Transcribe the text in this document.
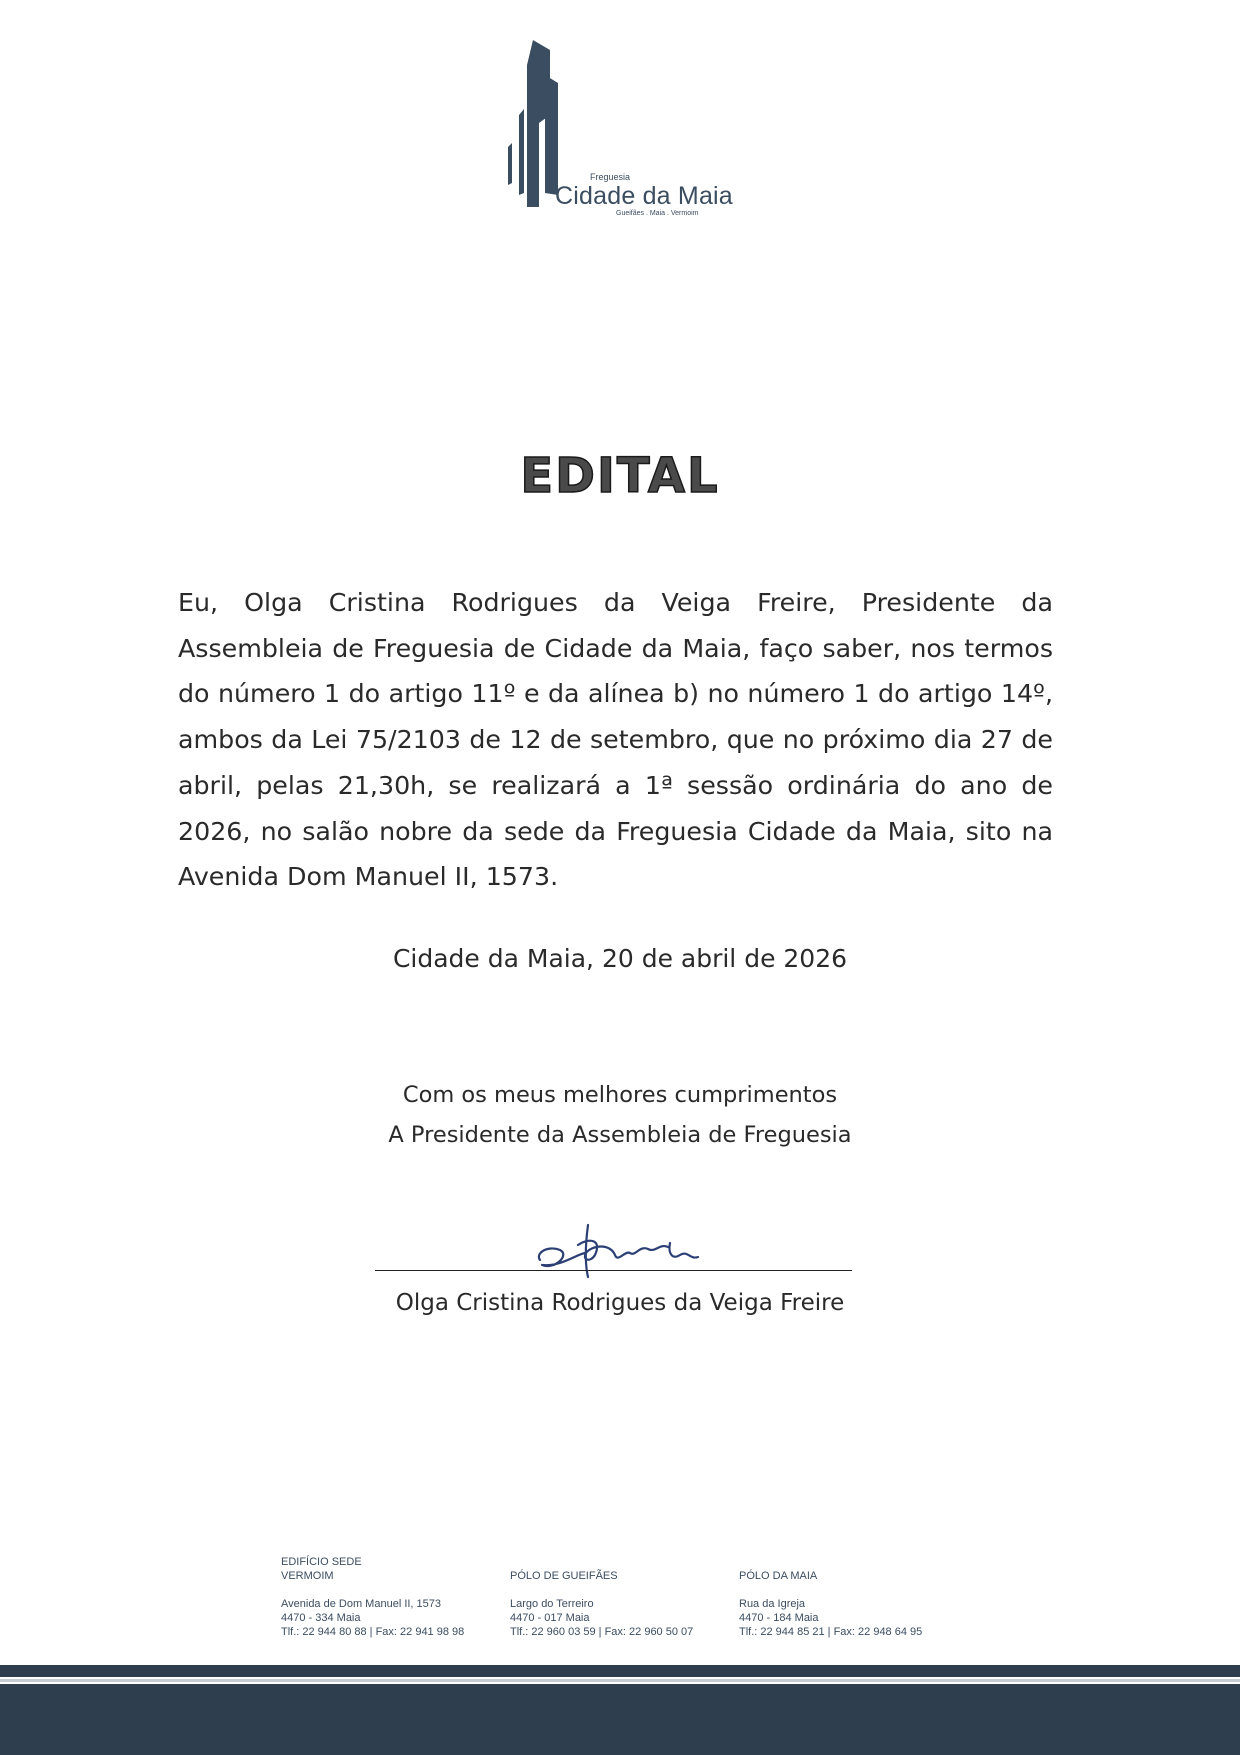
Freguesia
Cidade da Maia
Gueifães . Maia . Vermoim
EDITAL

Eu, Olga Cristina Rodrigues da Veiga Freire, Presidente da Assembleia de Freguesia de Cidade da Maia, faço saber, nos termos do número 1 do artigo 11º e da alínea b) no número 1 do artigo 14º, ambos da Lei 75/2103 de 12 de setembro, que no próximo dia 27 de abril, pelas 21,30h, se realizará a 1ª sessão ordinária do ano de 2026, no salão nobre da sede da Freguesia Cidade da Maia, sito na Avenida Dom Manuel II, 1573.

Cidade da Maia, 20 de abril de 2026

Com os meus melhores cumprimentos

A Presidente da Assembleia de Freguesia

Olga Cristina Rodrigues da Veiga Freire

EDIFÍCIO SEDE
VERMOIM
Avenida de Dom Manuel II, 1573
4470 - 334 Maia
Tlf.: 22 944 80 88 | Fax: 22 941 98 98
PÓLO DE GUEIFÃES
Largo do Terreiro
4470 - 017 Maia
Tlf.: 22 960 03 59 | Fax: 22 960 50 07
PÓLO DA MAIA
Rua da Igreja
4470 - 184 Maia
Tlf.: 22 944 85 21 | Fax: 22 948 64 95
